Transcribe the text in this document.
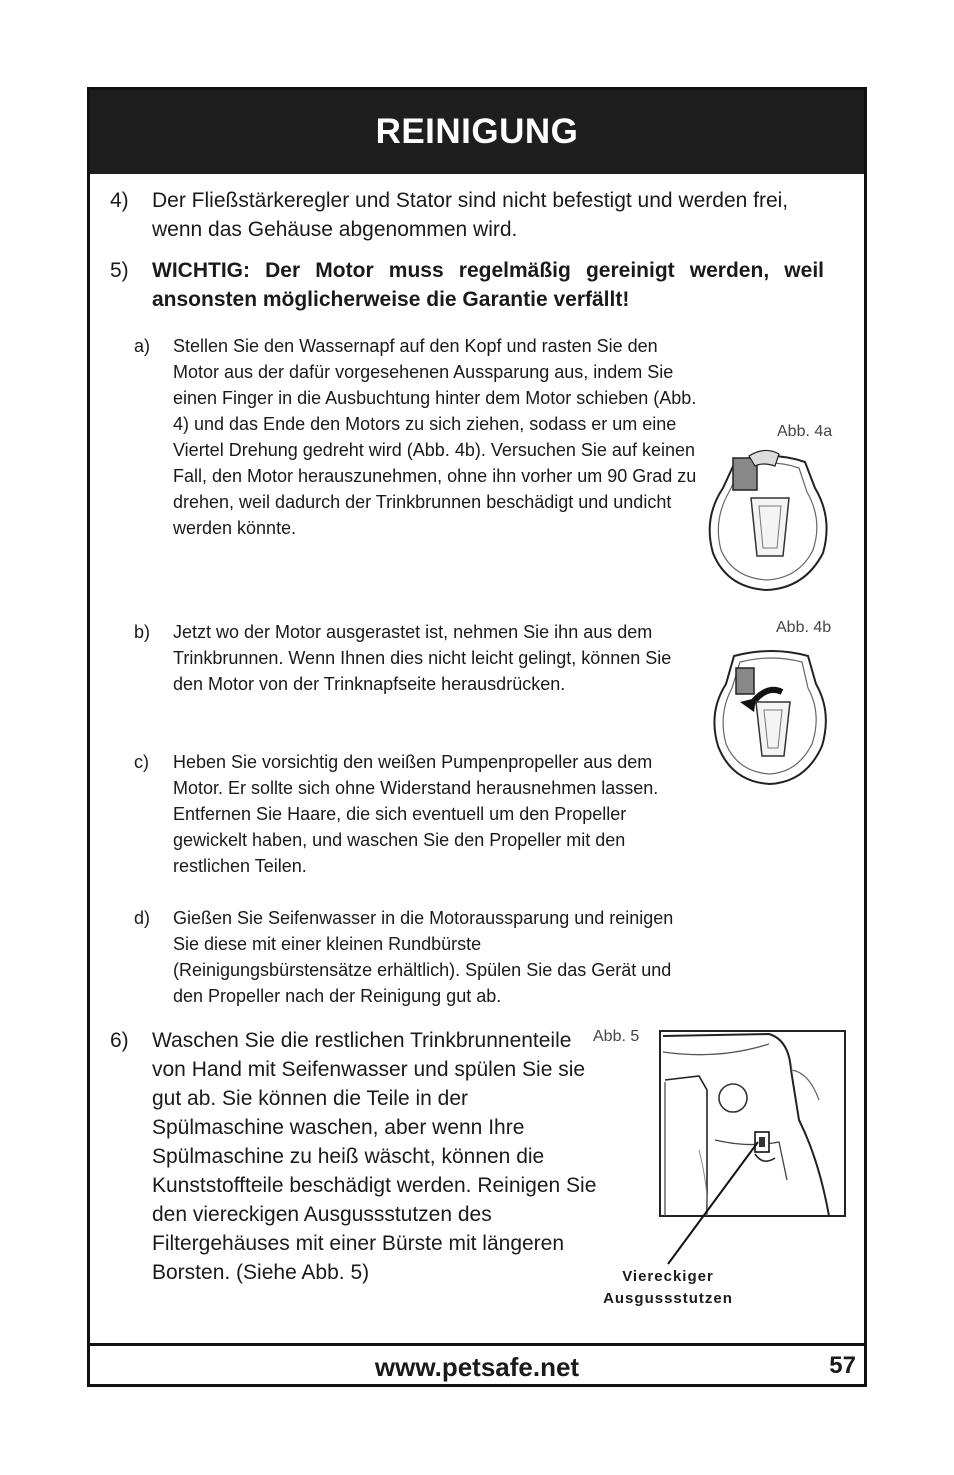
REINIGUNG
www.petsafe.net	57
4) Der Fließstärkeregler und Stator sind nicht befestigt und werden frei, wenn das Gehäuse abgenommen wird.
5) WICHTIG: Der Motor muss regelmäßig gereinigt werden, weil ansonsten möglicherweise die Garantie verfällt!
a) Stellen Sie den Wassernapf auf den Kopf und rasten Sie den Motor aus der dafür vorgesehenen Aussparung aus, indem Sie einen Finger in die Ausbuchtung hinter dem Motor schieben (Abb. 4) und das Ende den Motors zu sich ziehen, sodass er um eine Viertel Drehung gedreht wird (Abb. 4b). Versuchen Sie auf keinen Fall, den Motor herauszunehmen, ohne ihn vorher um 90 Grad zu drehen, weil dadurch der Trinkbrunnen beschädigt und undicht werden könnte.
b) Jetzt wo der Motor ausgerastet ist, nehmen Sie ihn aus dem Trinkbrunnen. Wenn Ihnen dies nicht leicht gelingt, können Sie den Motor von der Trinknapfseite herausdrücken.
c) Heben Sie vorsichtig den weißen Pumpenpropeller aus dem Motor. Er sollte sich ohne Widerstand herausnehmen lassen. Entfernen Sie Haare, die sich eventuell um den Propeller gewickelt haben, und waschen Sie den Propeller mit den restlichen Teilen.
d) Gießen Sie Seifenwasser in die Motoraussparung und reinigen Sie diese mit einer kleinen Rundbürste (Reinigungsbürstensätze erhältlich). Spülen Sie das Gerät und den Propeller nach der Reinigung gut ab.
6) Waschen Sie die restlichen Trinkbrunnenteile von Hand mit Seifenwasser und spülen Sie sie gut ab. Sie können die Teile in der Spülmaschine waschen, aber wenn Ihre Spülmaschine zu heiß wäscht, können die Kunststoffteile beschädigt werden. Reinigen Sie den viereckigen Ausgussstutzen des Filtergehäuses mit einer Bürste mit längeren Borsten. (Siehe Abb. 5)
Abb. 4a
Abb. 4b
Abb. 5
Viereckiger
Ausgussstutzen
